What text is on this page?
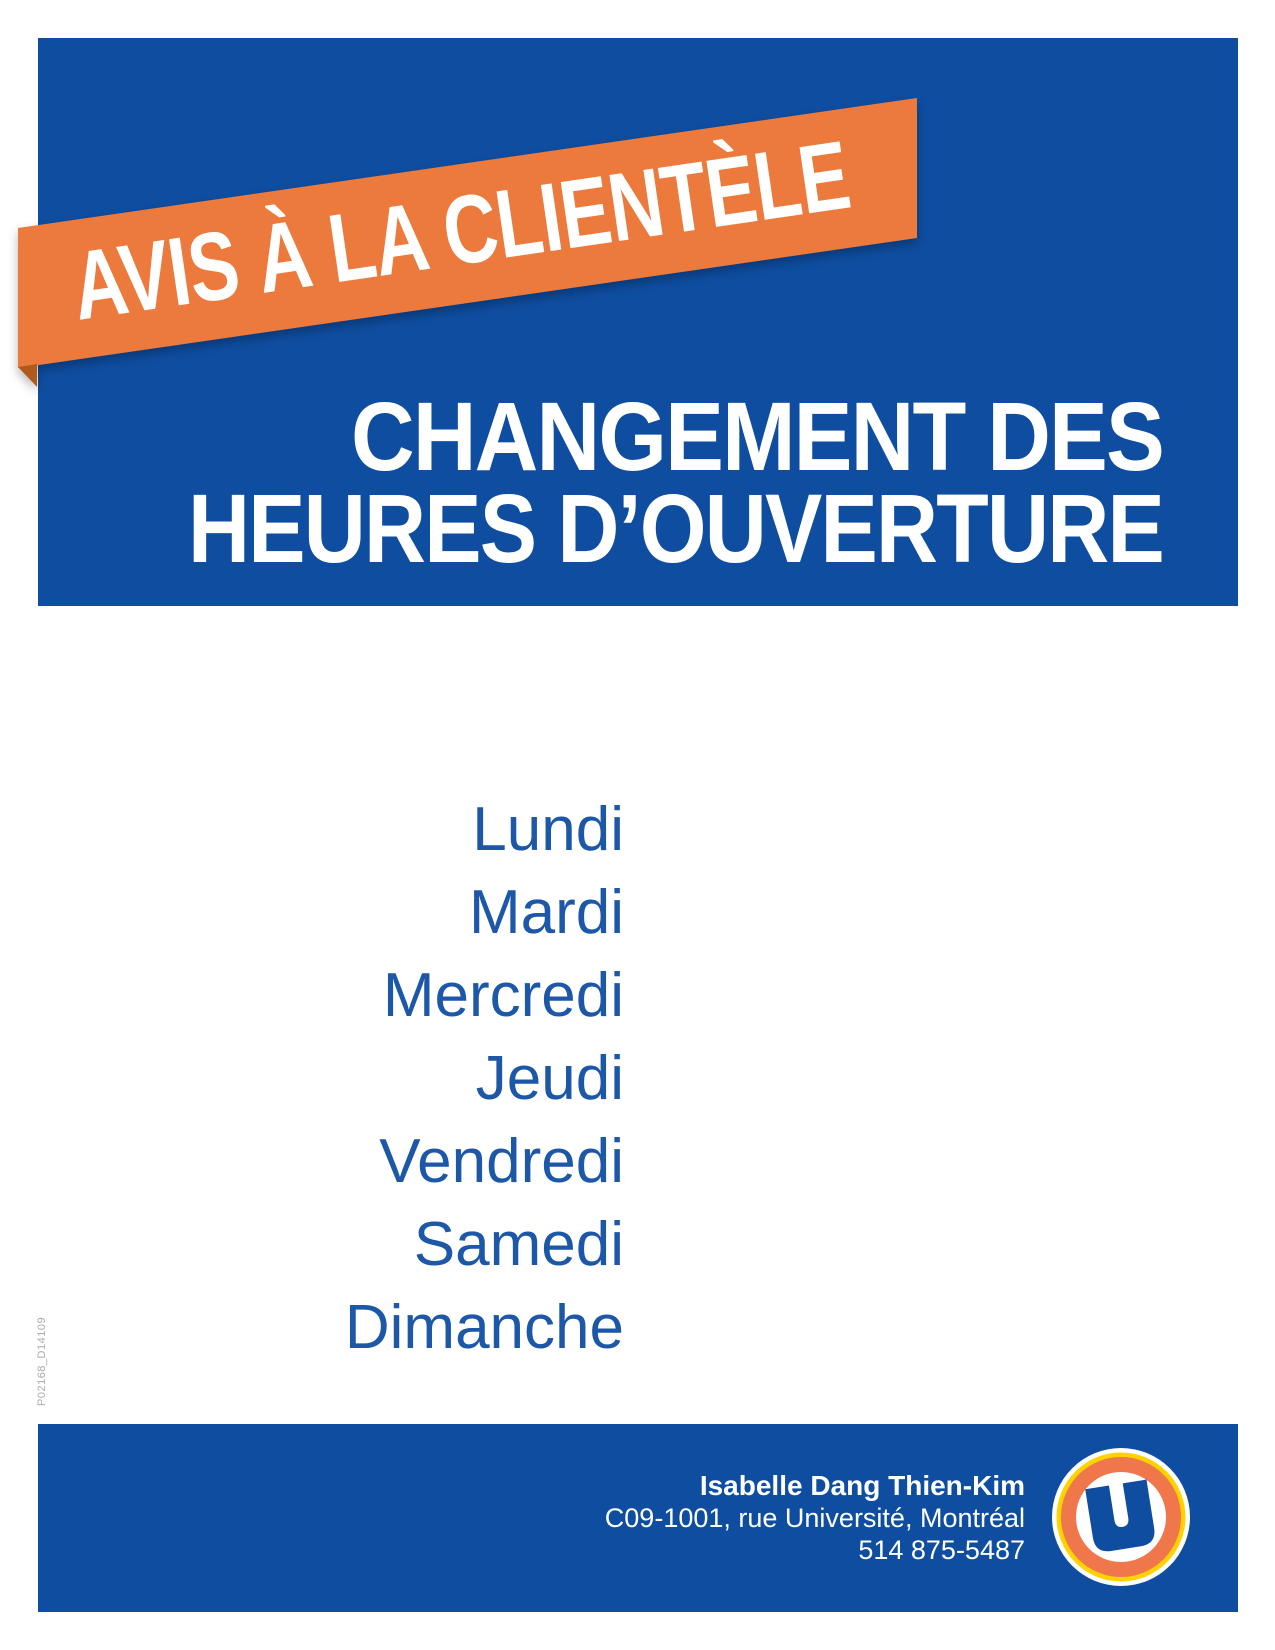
AVIS À LA CLIENTÈLE
CHANGEMENT DES
HEURES D’OUVERTURE
Lundi
Mardi
Mercredi
Jeudi
Vendredi
Samedi
Dimanche
P02168_D14109
Isabelle Dang Thien-Kim
C09-1001, rue Université, Montréal
514 875-5487
